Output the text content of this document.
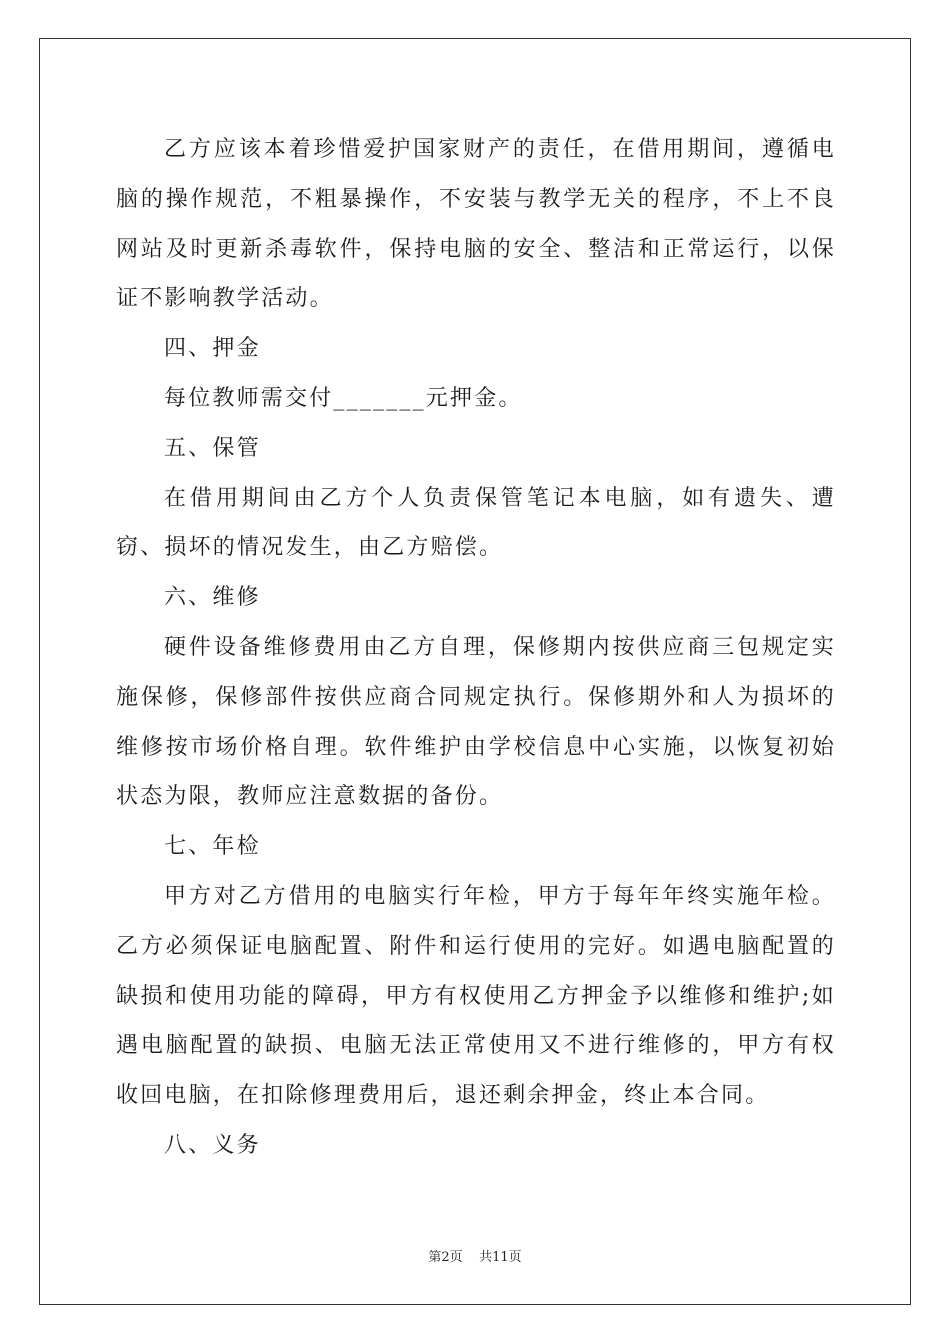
乙方应该本着珍惜爱护国家财产的责任，在借用期间，遵循电脑的操作规范，不粗暴操作，不安装与教学无关的程序，不上不良网站及时更新杀毒软件，保持电脑的安全、整洁和正常运行，以保证不影响教学活动。

四、押金

每位教师需交付_______元押金。

五、保管

在借用期间由乙方个人负责保管笔记本电脑，如有遗失、遭窃、损坏的情况发生，由乙方赔偿。

六、维修

硬件设备维修费用由乙方自理，保修期内按供应商三包规定实施保修，保修部件按供应商合同规定执行。保修期外和人为损坏的维修按市场价格自理。软件维护由学校信息中心实施，以恢复初始状态为限，教师应注意数据的备份。

七、年检

甲方对乙方借用的电脑实行年检，甲方于每年年终实施年检。乙方必须保证电脑配置、附件和运行使用的完好。如遇电脑配置的缺损和使用功能的障碍，甲方有权使用乙方押金予以维修和维护;如遇电脑配置的缺损、电脑无法正常使用又不进行维修的，甲方有权收回电脑，在扣除修理费用后，退还剩余押金，终止本合同。

八、义务

第2页 共11页
